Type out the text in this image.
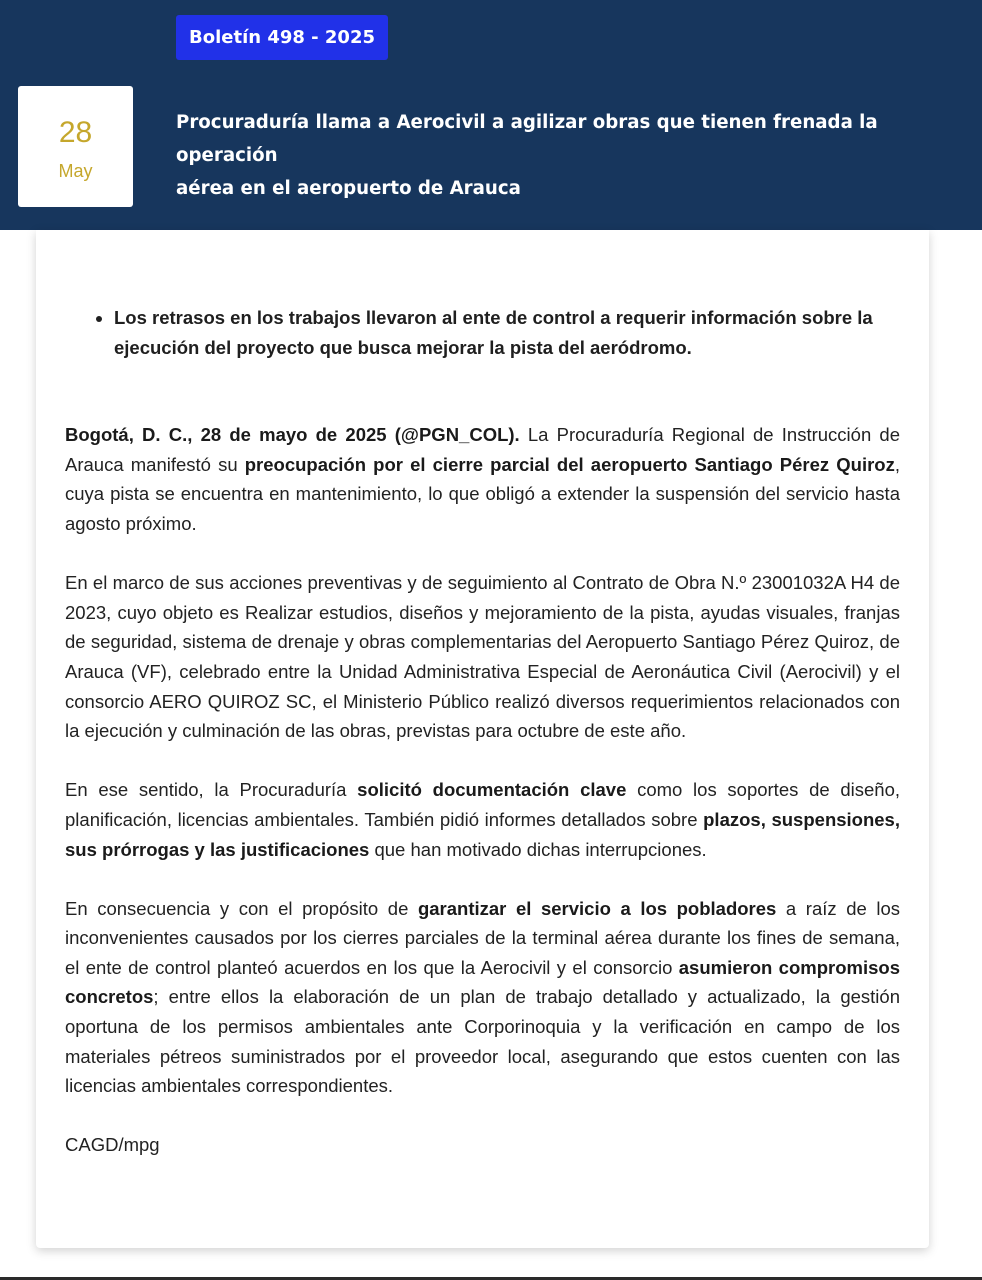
Boletín 498 - 2025
28
May
Procuraduría llama a Aerocivil a agilizar obras que tienen frenada la operación
aérea en el aeropuerto de Arauca
• Los retrasos en los trabajos llevaron al ente de control a requerir información sobre la ejecución del proyecto que busca mejorar la pista del aeródromo.

Bogotá, D. C., 28 de mayo de 2025 (@PGN_COL). La Procuraduría Regional de Instrucción de Arauca manifestó su preocupación por el cierre parcial del aeropuerto Santiago Pérez Quiroz, cuya pista se encuentra en mantenimiento, lo que obligó a extender la suspensión del servicio hasta agosto próximo.

En el marco de sus acciones preventivas y de seguimiento al Contrato de Obra N.º 23001032A H4 de 2023, cuyo objeto es Realizar estudios, diseños y mejoramiento de la pista, ayudas visuales, franjas de seguridad, sistema de drenaje y obras complementarias del Aeropuerto Santiago Pérez Quiroz, de Arauca (VF), celebrado entre la Unidad Administrativa Especial de Aeronáutica Civil (Aerocivil) y el consorcio AERO QUIROZ SC, el Ministerio Público realizó diversos requerimientos relacionados con la ejecución y culminación de las obras, previstas para octubre de este año.

En ese sentido, la Procuraduría solicitó documentación clave como los soportes de diseño, planificación, licencias ambientales. También pidió informes detallados sobre plazos, suspensiones, sus prórrogas y las justificaciones que han motivado dichas interrupciones.

En consecuencia y con el propósito de garantizar el servicio a los pobladores a raíz de los inconvenientes causados por los cierres parciales de la terminal aérea durante los fines de semana, el ente de control planteó acuerdos en los que la Aerocivil y el consorcio asumieron compromisos concretos; entre ellos la elaboración de un plan de trabajo detallado y actualizado, la gestión oportuna de los permisos ambientales ante Corporinoquia y la verificación en campo de los materiales pétreos suministrados por el proveedor local, asegurando que estos cuenten con las licencias ambientales correspondientes.

CAGD/mpg
